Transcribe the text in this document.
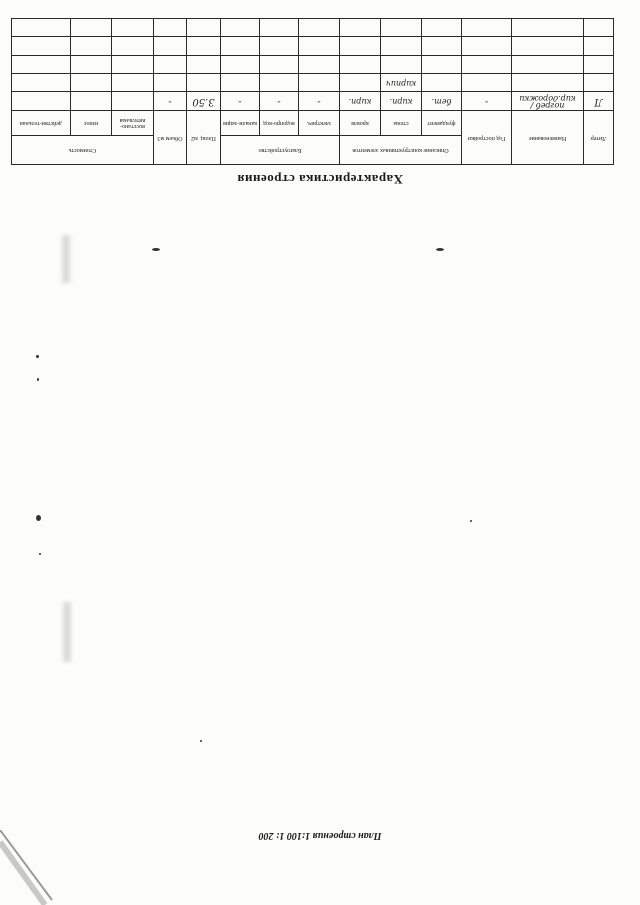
Характеристика строения
Литер	Наименование	Год постройки	Описание конструктивных элементов			Благоустройство			Площ. м2	Объем м3	Стоимость		
			фундамент	стены	кровля	электрич.	водопро-вод	канали-зация			восстано-вительная	износ	действи-тельная
Л	погреб / кир.дорожки	-	бет.	кирп.	кирп.	-	-	-	3.50	-			
				кирпич									

План строения 1:100 1: 200
